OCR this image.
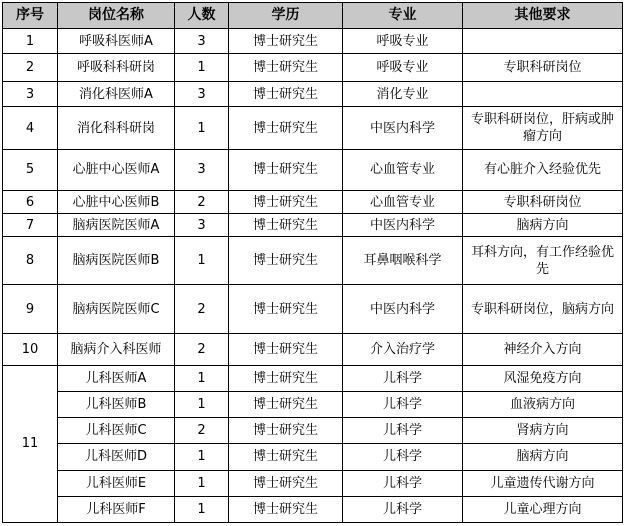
序号	岗位名称	人数	学历	专业	其他要求
1	呼吸科医师A	3	博士研究生	呼吸专业	
2	呼吸科科研岗	1	博士研究生	呼吸专业	专职科研岗位
3	消化科医师A	3	博士研究生	消化专业	
4	消化科科研岗	1	博士研究生	中医内科学	专职科研岗位，肝病或肿瘤方向
5	心脏中心医师A	3	博士研究生	心血管专业	有心脏介入经验优先
6	心脏中心医师B	2	博士研究生	心血管专业	专职科研岗位
7	脑病医院医师A	3	博士研究生	中医内科学	脑病方向
8	脑病医院医师B	1	博士研究生	耳鼻咽喉科学	耳科方向，有工作经验优先
9	脑病医院医师C	2	博士研究生	中医内科学	专职科研岗位，脑病方向
10	脑病介入科医师	2	博士研究生	介入治疗学	神经介入方向
11	儿科医师A	1	博士研究生	儿科学	风湿免疫方向
	儿科医师B	1	博士研究生	儿科学	血液病方向
	儿科医师C	2	博士研究生	儿科学	肾病方向
	儿科医师D	1	博士研究生	儿科学	脑病方向
	儿科医师E	1	博士研究生	儿科学	儿童遗传代谢方向
	儿科医师F	1	博士研究生	儿科学	儿童心理方向
